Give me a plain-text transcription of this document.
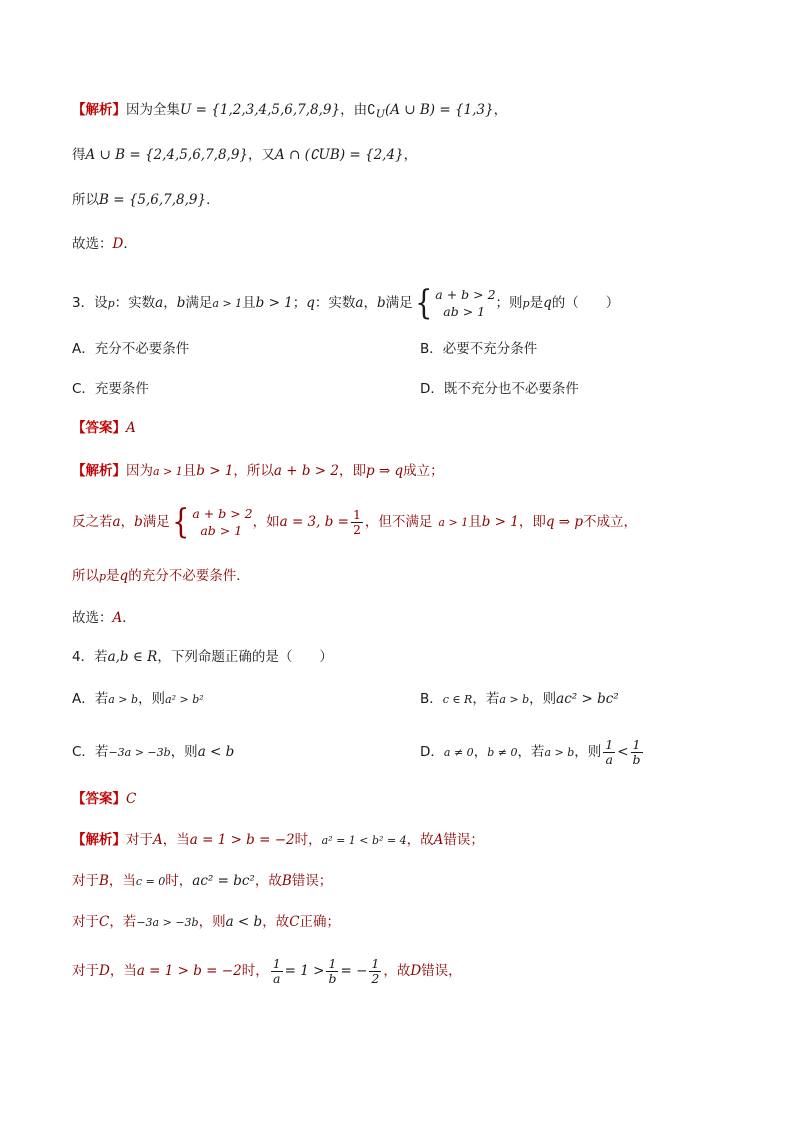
【解析】因为全集U = {1,2,3,4,5,6,7,8,9}，由$∁_U(A$ ∪ B) = {1,3}，
得A ∪ B = {2,4,5,6,7,8,9}，又A ∩ (∁UB) = {2,4}，
所以B = {5,6,7,8,9}．
故选：D．
3．设p：实数a，b满足a > 1且b > 1；q：实数a，b满足 { a + b > 2
ab > 1
；则p是q的（　　）
A．充分不必要条件	B．必要不充分条件
C．充要条件	D．既不充分也不必要条件
【答案】A
【解析】因为a > 1且b > 1，所以a + b > 2，即p ⇒ q成立；
反之若a，b满足 { a + b > 2
ab > 1
，如a = 3, $b = \frac{1}{2}$ ，但不满足 a > 1且b > 1，即q ⇒ p不成立，
所以p是q的充分不必要条件．
故选：A．
4．若a,b ∈ R，下列命题正确的是（　　）
A．若a > b，则a² > b²	B．c ∈ R，若a > b，则ac² > bc²
C．若−3a > −3b，则a < b	D．a ≠ 0，b ≠ 0，若a > b，则 $\frac{1}{a} < \frac{1}{b}$
【答案】C
【解析】对于A，当a = 1 > b = −2时，a² = 1 < b² = 4，故A错误；
对于B，当c = 0时，ac² = bc²，故B错误；
对于C，若−3a > −3b，则a < b，故C正确；
对于D，当a = 1 > b = −2时， $\frac{1}{a} = 1 > \frac{1}{b}$ = − $\frac{1}{2}$ ，故D错误，
